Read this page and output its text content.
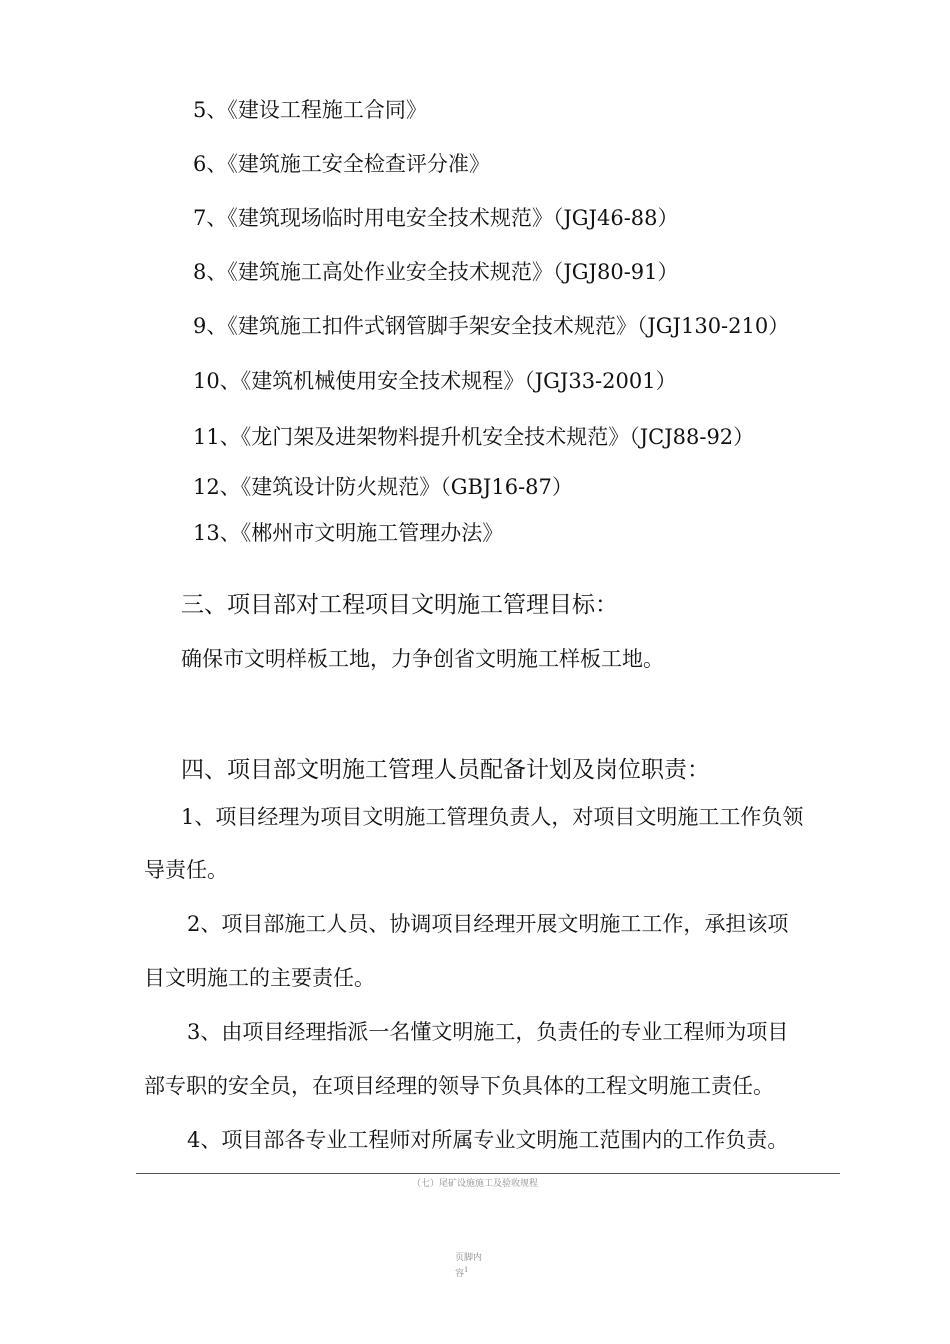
5、《建设工程施工合同》
6、《建筑施工安全检查评分准》
7、《建筑现场临时用电安全技术规范》（JGJ46-88）
8、《建筑施工高处作业安全技术规范》（JGJ80-91）
9、《建筑施工扣件式钢管脚手架安全技术规范》（JGJ130-210）
10、《建筑机械使用安全技术规程》（JGJ33-2001）
11、《龙门架及进架物料提升机安全技术规范》（JCJ88-92）
12、《建筑设计防火规范》（GBJ16-87）
13、《郴州市文明施工管理办法》
三、项目部对工程项目文明施工管理目标：
确保市文明样板工地，力争创省文明施工样板工地。
四、项目部文明施工管理人员配备计划及岗位职责：
1、项目经理为项目文明施工管理负责人，对项目文明施工工作负领
导责任。
2、项目部施工人员、协调项目经理开展文明施工工作，承担该项
目文明施工的主要责任。
3、由项目经理指派一名懂文明施工，负责任的专业工程师为项目
部专职的安全员，在项目经理的领导下负具体的工程文明施工责任。
4、项目部各专业工程师对所属专业文明施工范围内的工作负责。
（七）尾矿设施施工及验收规程
页脚内容$^1$
